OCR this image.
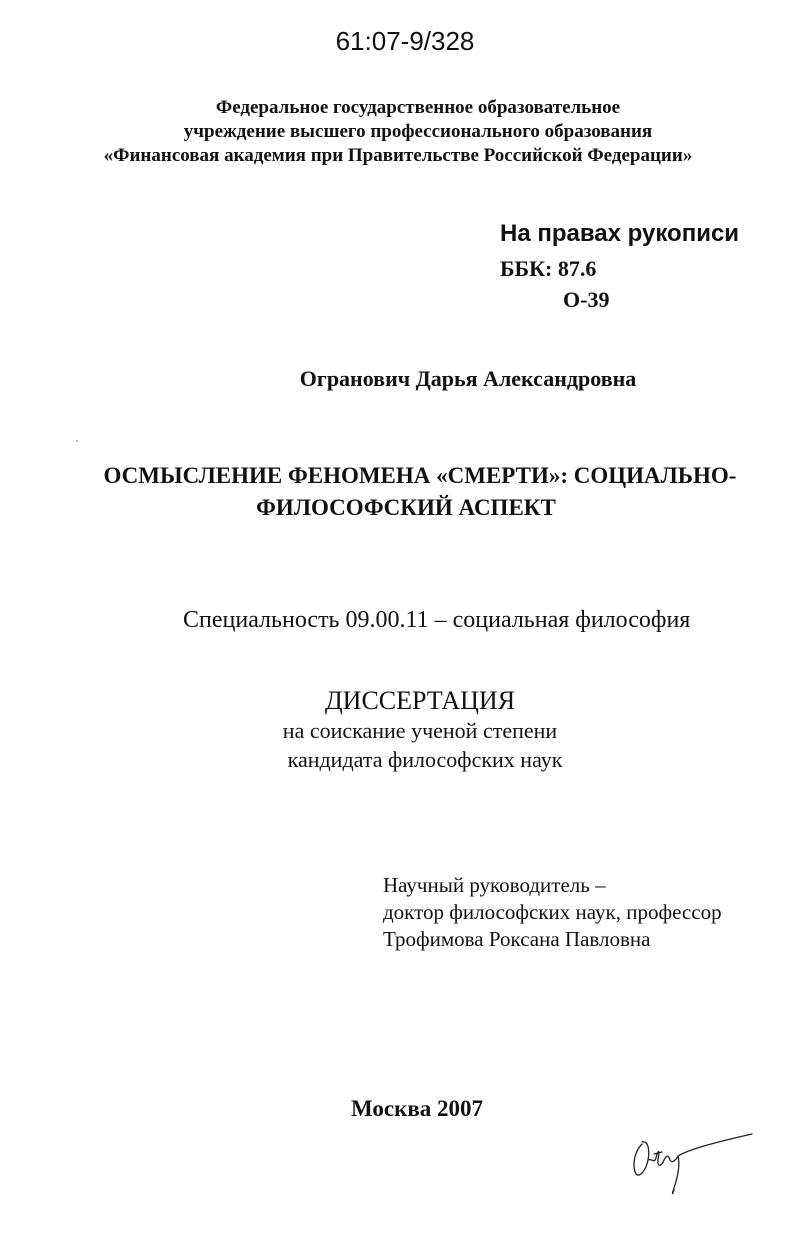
61:07-9/328
Федеральное государственное образовательное
учреждение высшего профессионального образования
«Финансовая академия при Правительстве Российской Федерации»
На правах рукописи
ББК: 87.6
О-39
Огранович Дарья Александровна
ОСМЫСЛЕНИЕ ФЕНОМЕНА «СМЕРТИ»: СОЦИАЛЬНО-
ФИЛОСОФСКИЙ АСПЕКТ
Специальность 09.00.11 – социальная философия
ДИССЕРТАЦИЯ
на соискание ученой степени
кандидата философских наук
Научный руководитель –
доктор философских наук, профессор
Трофимова Роксана Павловна
Москва 2007
